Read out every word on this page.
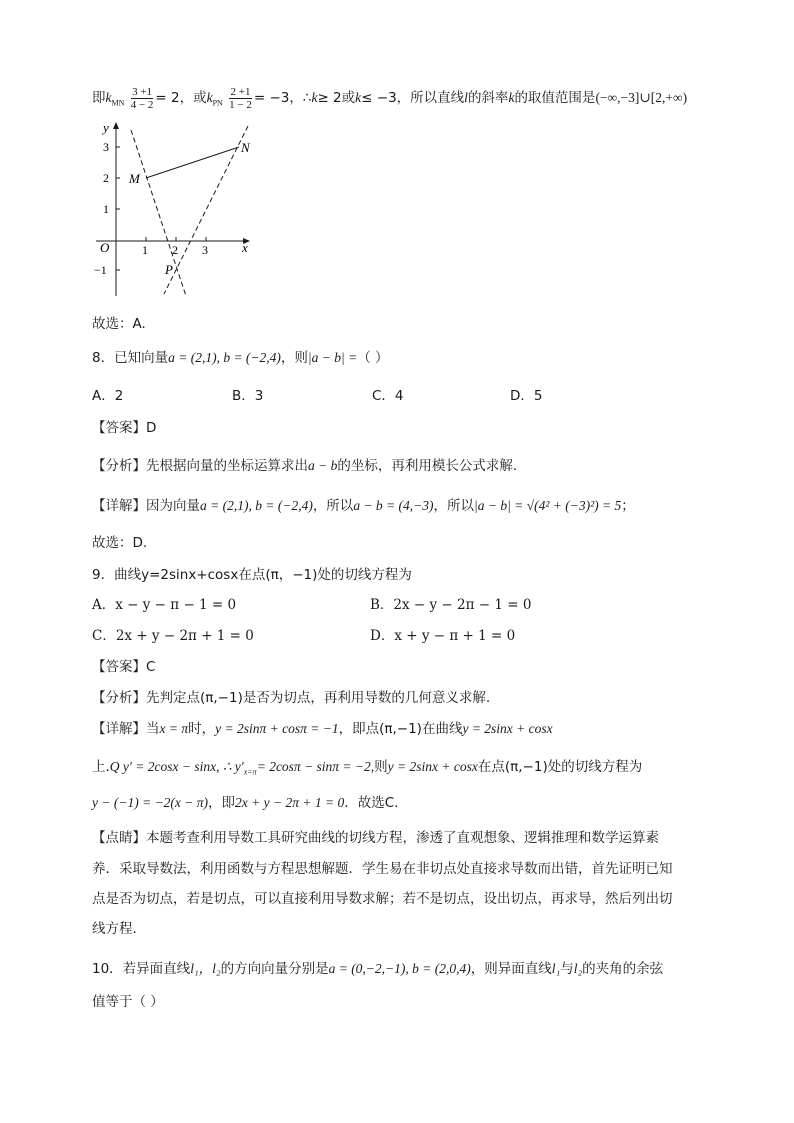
即$k_{MN} \frac{3 +1}{4 - 2} = 2$，或$k_{PN} \frac{2 +1}{1 - 2} = -3$，∴k≥ 2或k≤ −3，所以直线l的斜率k的取值范围是(−∞,−3]∪[2,+∞)
y
x
O	1 2 3
3
2
1
−1
M
N
P
故选：A.
8．已知向量a = (2,1), b = (−2,4)，则|a − b| =（ ）
A．2	B．3	C．4	D．5
【答案】D
【分析】先根据向量的坐标运算求出a − b的坐标，再利用模长公式求解.
【详解】因为向量a = (2,1), b = (−2,4)，所以a − b = (4,−3)，所以|a − b| = √(4² + (−3)²) = 5；
故选：D.
9．曲线y=2sinx+cosx在点(π，−1)处的切线方程为
A．x − y − π − 1 = 0	B．2x − y − 2π − 1 = 0
C．2x + y − 2π + 1 = 0	D．x + y − π + 1 = 0
【答案】C
【分析】先判定点(π,−1)是否为切点，再利用导数的几何意义求解.
【详解】当x = π时，y = 2sinπ + cosπ = −1，即点(π,−1)在曲线y = 2sinx + cosx
上.Q y′ = 2cosx − sinx, ∴ $y'_{x=\pi}= 2\cos\pi - \sin\pi = -2$,则y = 2sinx + cosx在点(π,−1)处的切线方程为
y − (−1) = −2(x − π)，即2x + y − 2π + 1 = 0．故选C.
【点睛】本题考查利用导数工具研究曲线的切线方程，渗透了直观想象、逻辑推理和数学运算素
养．采取导数法，利用函数与方程思想解题．学生易在非切点处直接求导数而出错，首先证明已知
点是否为切点，若是切点，可以直接利用导数求解；若不是切点，设出切点，再求导，然后列出切
线方程．
10．若异面直线l₁，l₂的方向向量分别是a = (0,−2,−1), b = (2,0,4)，则异面直线l₁与l₂的夹角的余弦
值等于（ ）
